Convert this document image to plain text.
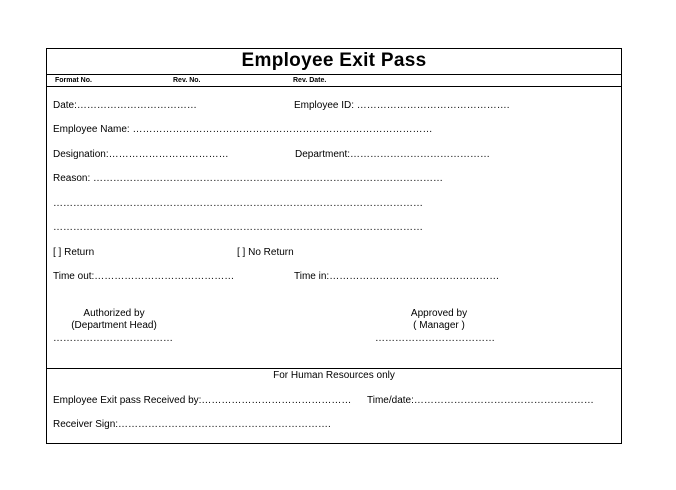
Employee Exit Pass
Format No.	Rev. No.	Rev. Date.
Date:………………………………	Employee ID: ……………………………………….
Employee Name: ………………………………………………………………………………
Designation:………………………………	Department:……………………………………
Reason: ……………………………………………………………………………………………
…………………………………………………………………………………………………
…………………………………………………………………………………………………
[ ] Return	[ ] No Return
Time out:……………………………………	Time in:……………………………………………
Authorized by
(Department Head)
………………………………
Approved by
( Manager )
………………………………
For Human Resources only
Employee Exit pass Received by:……………………………………… Time/date:………………………………………………
Receiver Sign:……………………………………………………….
